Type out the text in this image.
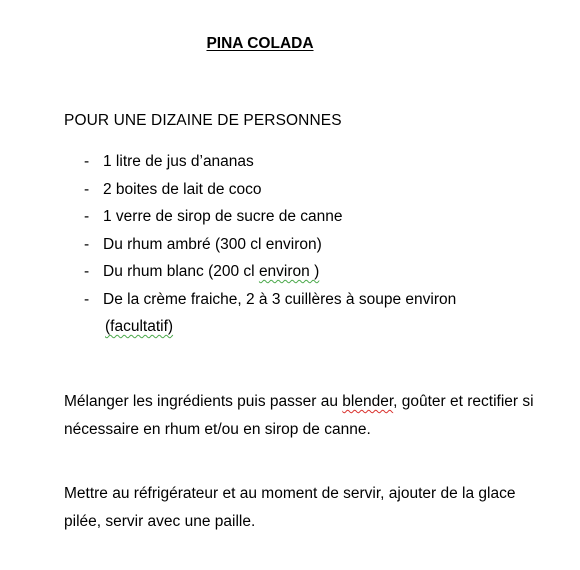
PINA COLADA
POUR UNE DIZAINE DE PERSONNES
- 1 litre de jus d’ananas
- 2 boites de lait de coco
- 1 verre de sirop de sucre de canne
- Du rhum ambré (300 cl environ)
- Du rhum blanc (200 cl environ )
- De la crème fraiche, 2 à 3 cuillères à soupe environ
(facultatif)

Mélanger les ingrédients puis passer au blender, goûter et rectifier si nécessaire en rhum et/ou en sirop de canne.

Mettre au réfrigérateur et au moment de servir, ajouter de la glace pilée, servir avec une paille.
